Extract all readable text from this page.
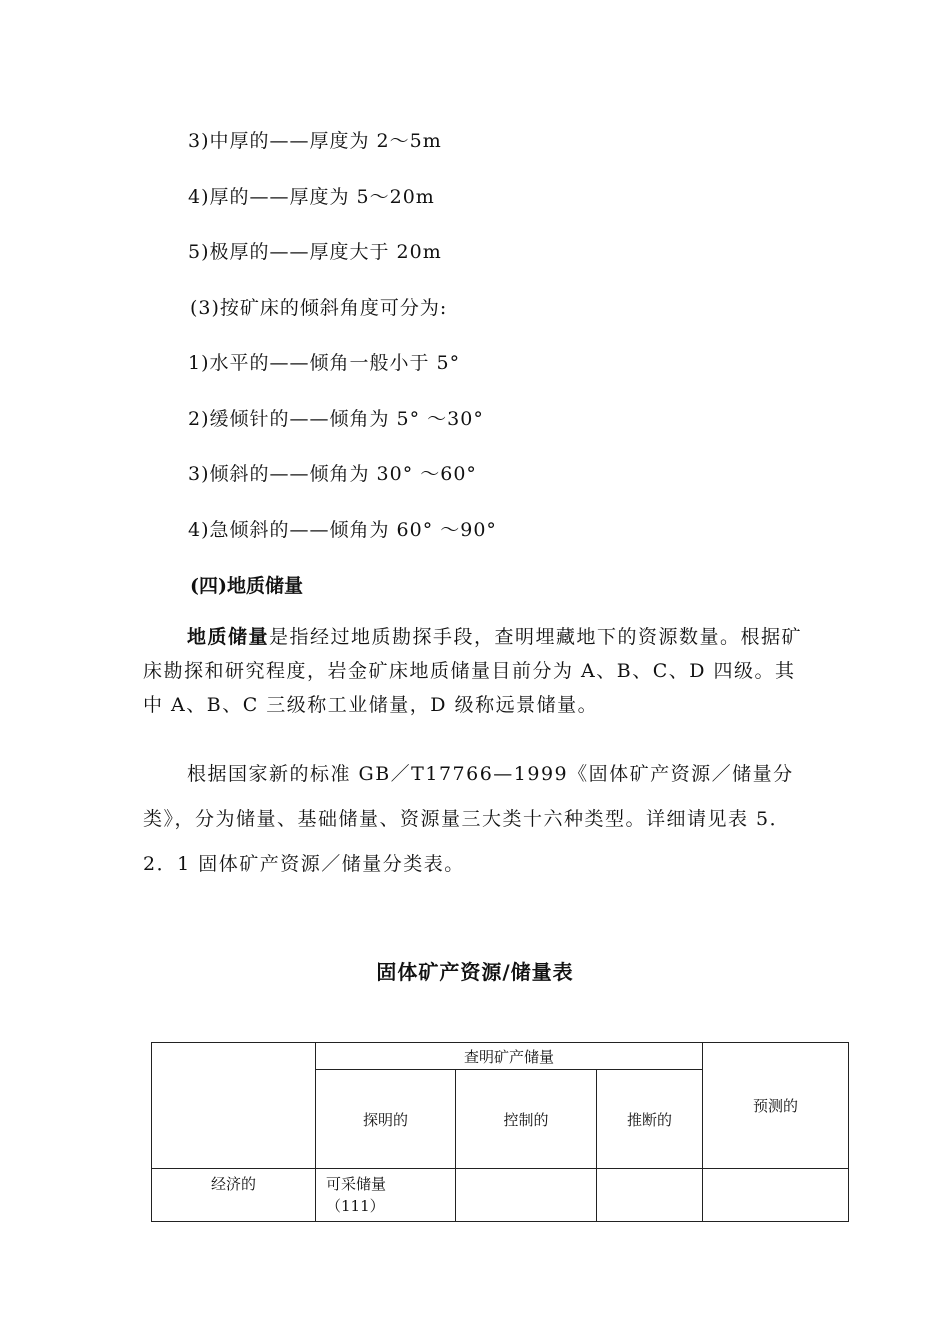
3)中厚的——厚度为 2～5m
4)厚的——厚度为 5～20m
5)极厚的——厚度大于 20m
(3)按矿床的倾斜角度可分为:
1)水平的——倾角一般小于 5°
2)缓倾针的——倾角为 5° ～30°
3)倾斜的——倾角为 30° ～60°
4)急倾斜的——倾角为 60° ～90°
(四)地质储量
地质储量是指经过地质勘探手段，查明埋藏地下的资源数量。根据矿床勘探和研究程度，岩金矿床地质储量目前分为 A、B、C、D 四级。其中 A、B、C 三级称工业储量，D 级称远景储量。
根据国家新的标准 GB／T17766—1999《固体矿产资源／储量分类》，分为储量、基础储量、资源量三大类十六种类型。详细请见表 5．2．1 固体矿产资源／储量分类表。
固体矿产资源/储量表
	查明矿产储量			预测的
	探明的	控制的	推断的	
经济的	可采储量
（111）			
